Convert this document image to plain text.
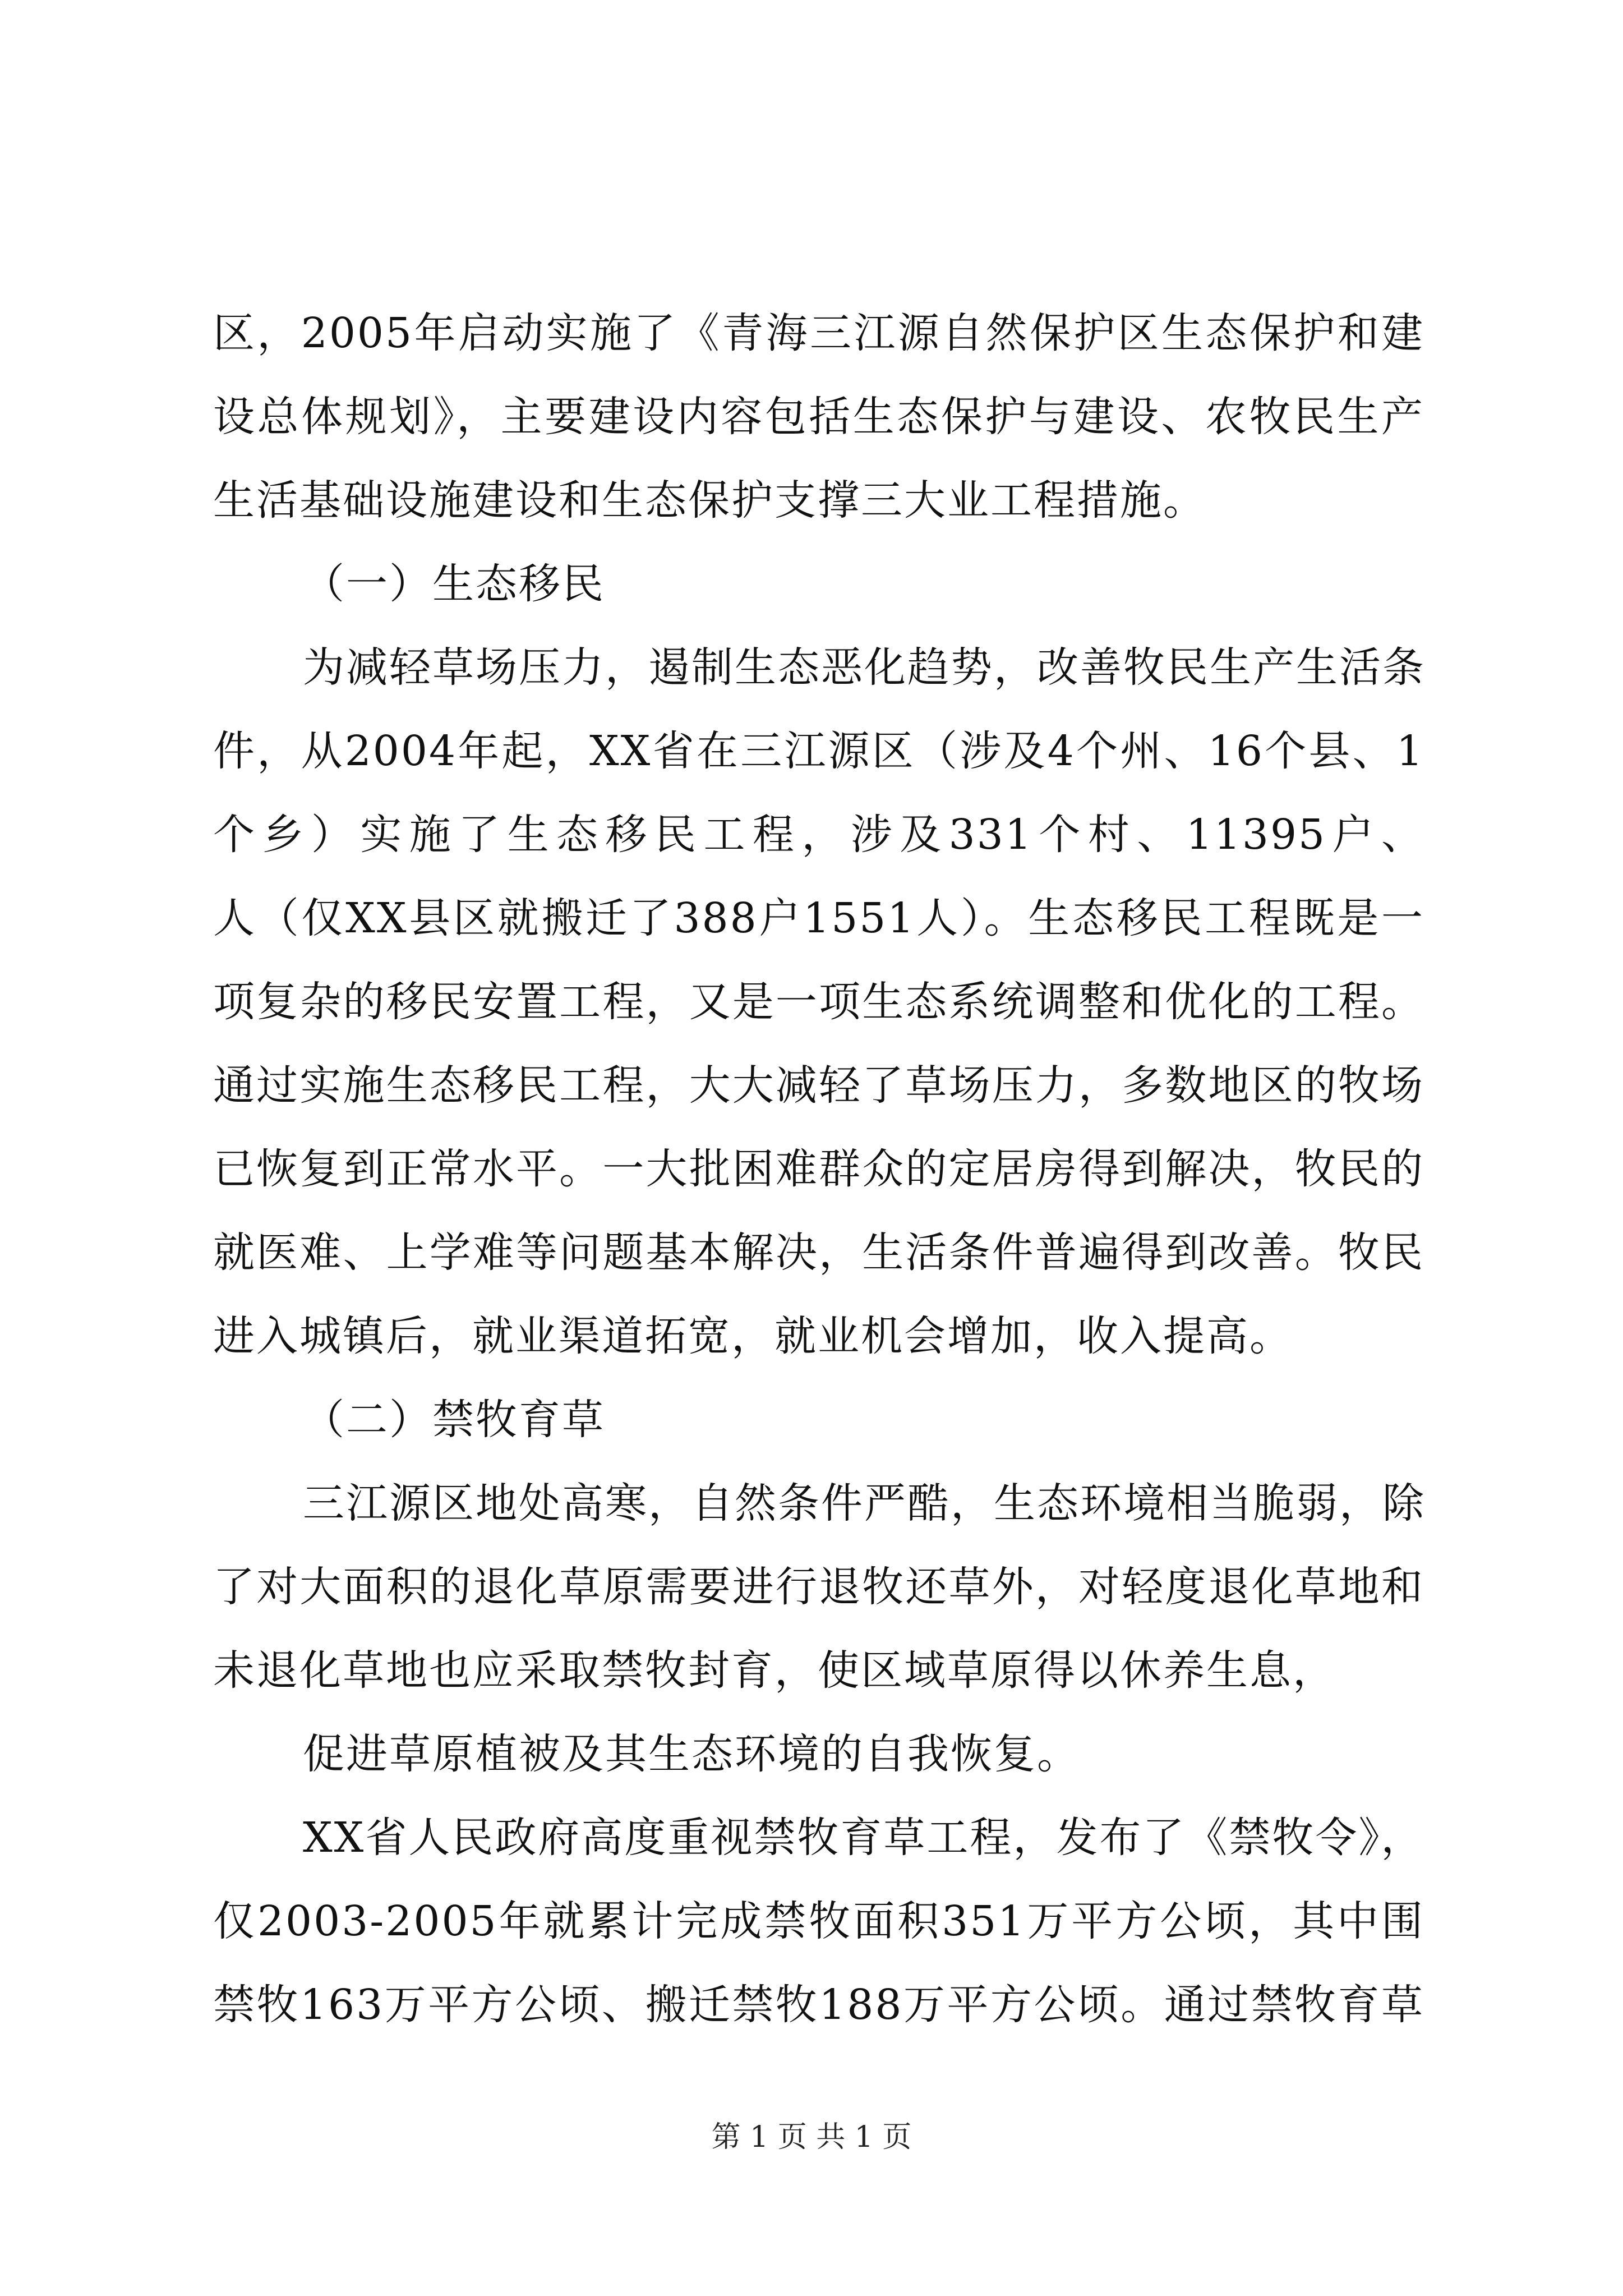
区，2005年启动实施了《青海三江源自然保护区生态保护和建
设总体规划》，主要建设内容包括生态保护与建设、农牧民生产
生活基础设施建设和生态保护支撑三大业工程措施。
（一）生态移民
为减轻草场压力，遏制生态恶化趋势，改善牧民生产生活条
件，从2004年起，XX省在三江源区（涉及4个州、16个县、1
个乡）实施了生态移民工程，涉及331个村、11395户、
人（仅XX县区就搬迁了388户1551人）。生态移民工程既是一
项复杂的移民安置工程，又是一项生态系统调整和优化的工程。
通过实施生态移民工程，大大减轻了草场压力，多数地区的牧场
已恢复到正常水平。一大批困难群众的定居房得到解决，牧民的
就医难、上学难等问题基本解决，生活条件普遍得到改善。牧民
进入城镇后，就业渠道拓宽，就业机会增加，收入提高。
（二）禁牧育草
三江源区地处高寒，自然条件严酷，生态环境相当脆弱，除
了对大面积的退化草原需要进行退牧还草外，对轻度退化草地和
未退化草地也应采取禁牧封育，使区域草原得以休养生息，
促进草原植被及其生态环境的自我恢复。
XX省人民政府高度重视禁牧育草工程，发布了《禁牧令》，
仅2003-2005年就累计完成禁牧面积351万平方公顷，其中围
禁牧163万平方公顷、搬迁禁牧188万平方公顷。通过禁牧育草
第 1 页 共 1 页
